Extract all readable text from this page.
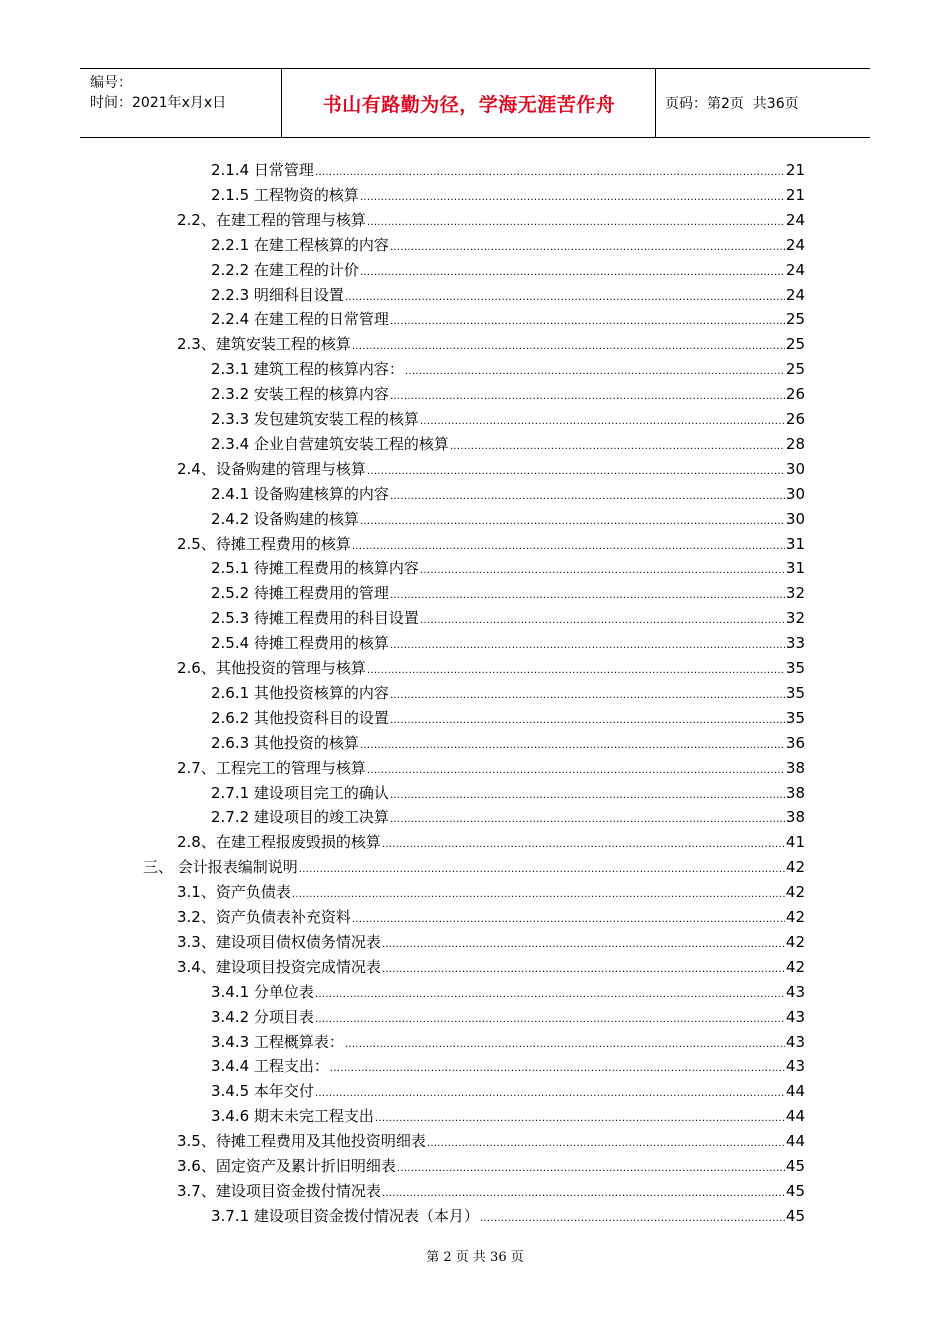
编号：
时间：2021年x月x日	书山有路勤为径，学海无涯苦作舟	页码：第2页  共36页
2.1.4 日常管理 .....	21
2.1.5 工程物资的核算 .....	21
2.2、在建工程的管理与核算 .....	24
2.2.1 在建工程核算的内容 .....	24
2.2.2 在建工程的计价 .....	24
2.2.3 明细科目设置 .....	24
2.2.4 在建工程的日常管理 .....	25
2.3、建筑安装工程的核算 .....	25
2.3.1 建筑工程的核算内容： .....	25
2.3.2 安装工程的核算内容 .....	26
2.3.3 发包建筑安装工程的核算 .....	26
2.3.4 企业自营建筑安装工程的核算 .....	28
2.4、设备购建的管理与核算 .....	30
2.4.1 设备购建核算的内容 .....	30
2.4.2 设备购建的核算 .....	30
2.5、待摊工程费用的核算 .....	31
2.5.1 待摊工程费用的核算内容 .....	31
2.5.2 待摊工程费用的管理 .....	32
2.5.3 待摊工程费用的科目设置 .....	32
2.5.4 待摊工程费用的核算 .....	33
2.6、其他投资的管理与核算 .....	35
2.6.1 其他投资核算的内容 .....	35
2.6.2 其他投资科目的设置 .....	35
2.6.3 其他投资的核算 .....	36
2.7、工程完工的管理与核算 .....	38
2.7.1 建设项目完工的确认 .....	38
2.7.2 建设项目的竣工决算 .....	38
2.8、在建工程报废毁损的核算 .....	41
三、 会计报表编制说明 .....	42
3.1、资产负债表 .....	42
3.2、资产负债表补充资料 .....	42
3.3、建设项目债权债务情况表 .....	42
3.4、建设项目投资完成情况表 .....	42
3.4.1 分单位表 .....	43
3.4.2 分项目表 .....	43
3.4.3 工程概算表： .....	43
3.4.4 工程支出： .....	43
3.4.5 本年交付 .....	44
3.4.6 期末未完工程支出 .....	44
3.5、待摊工程费用及其他投资明细表 .....	44
3.6、固定资产及累计折旧明细表 .....	45
3.7、建设项目资金拨付情况表 .....	45
3.7.1 建设项目资金拨付情况表（本月） .....	45
第 2 页 共 36 页
